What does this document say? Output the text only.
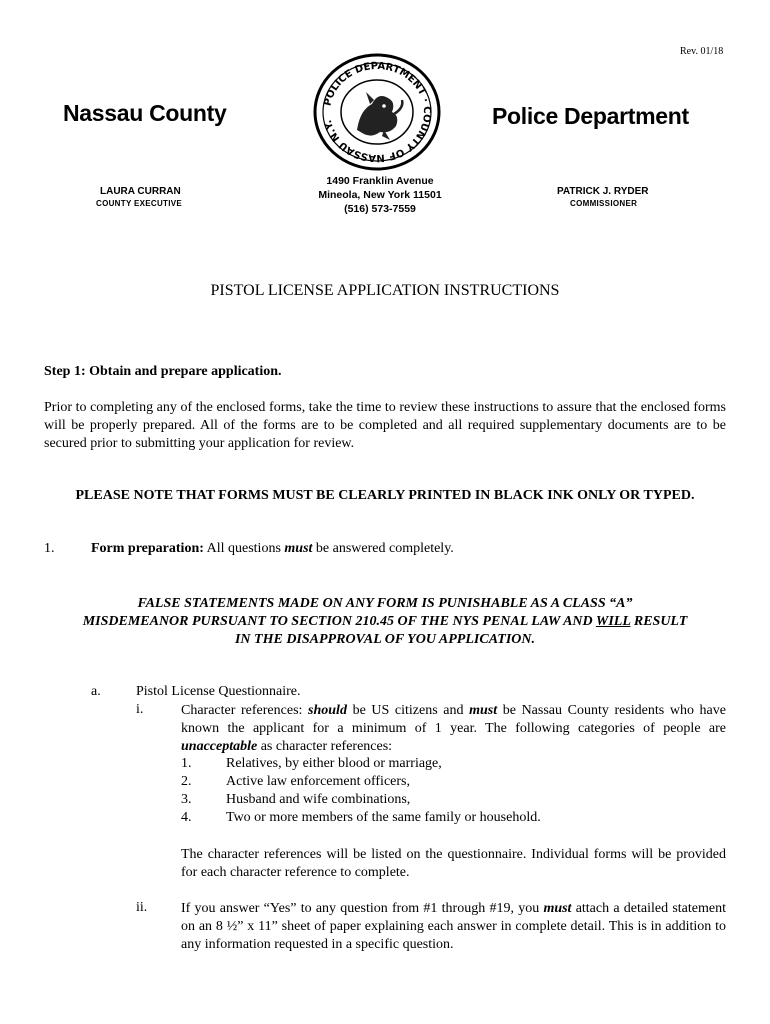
Rev. 01/18
Nassau County	Police Department
POLICE DEPARTMENT · COUNTY OF NASSAU N.Y.
LAURA CURRAN
COUNTY EXECUTIVE
1490 Franklin Avenue
Mineola, New York 11501
(516) 573-7559
PATRICK J. RYDER
COMMISSIONER
PISTOL LICENSE APPLICATION INSTRUCTIONS
Step 1: Obtain and prepare application.
Prior to completing any of the enclosed forms, take the time to review these instructions to assure that the enclosed forms will be properly prepared. All of the forms are to be completed and all required supplementary documents are to be secured prior to submitting your application for review.
PLEASE NOTE THAT FORMS MUST BE CLEARLY PRINTED IN BLACK INK ONLY OR TYPED.
1.	Form preparation: All questions must be answered completely.
FALSE STATEMENTS MADE ON ANY FORM IS PUNISHABLE AS A CLASS “A”
MISDEMEANOR PURSUANT TO SECTION 210.45 OF THE NYS PENAL LAW AND WILL RESULT
IN THE DISAPPROVAL OF YOU APPLICATION.
a.	Pistol License Questionnaire.
i.	Character references: should be US citizens and must be Nassau County residents who have known the applicant for a minimum of 1 year. The following categories of people are unacceptable as character references:
1. Relatives, by either blood or marriage,
2. Active law enforcement officers,
3. Husband and wife combinations,
4. Two or more members of the same family or household.
The character references will be listed on the questionnaire. Individual forms will be provided for each character reference to complete.
ii. If you answer “Yes” to any question from #1 through #19, you must attach a detailed statement on an 8 ½” x 11” sheet of paper explaining each answer in complete detail. This is in addition to any information requested in a specific question.
